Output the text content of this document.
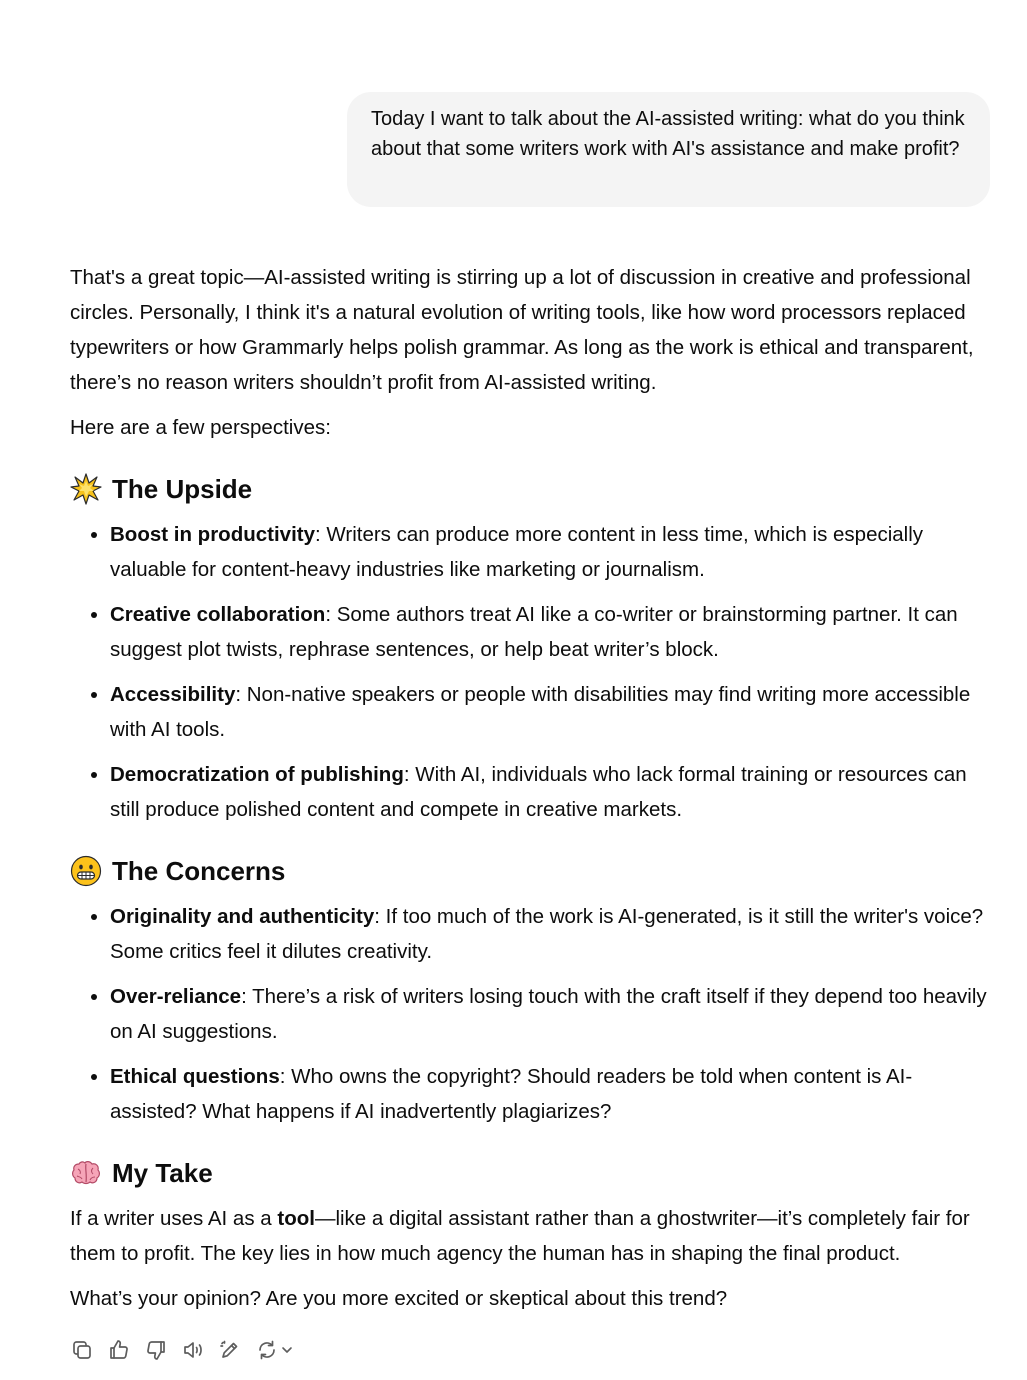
Today I want to talk about the AI-assisted writing: what do you think about that some writers work with AI's assistance and make profit?

That's a great topic—AI-assisted writing is stirring up a lot of discussion in creative and professional circles. Personally, I think it's a natural evolution of writing tools, like how word processors replaced typewriters or how Grammarly helps polish grammar. As long as the work is ethical and transparent, there’s no reason writers shouldn’t profit from AI-assisted writing.

Here are a few perspectives:

The Upside
• Boost in productivity: Writers can produce more content in less time, which is especially valuable for content-heavy industries like marketing or journalism.
• Creative collaboration: Some authors treat AI like a co-writer or brainstorming partner. It can suggest plot twists, rephrase sentences, or help beat writer’s block.
• Accessibility: Non-native speakers or people with disabilities may find writing more accessible with AI tools.
• Democratization of publishing: With AI, individuals who lack formal training or resources can still produce polished content and compete in creative markets.
The Concerns
• Originality and authenticity: If too much of the work is AI-generated, is it still the writer's voice? Some critics feel it dilutes creativity.
• Over-reliance: There’s a risk of writers losing touch with the craft itself if they depend too heavily on AI suggestions.
• Ethical questions: Who owns the copyright? Should readers be told when content is AI-assisted? What happens if AI inadvertently plagiarizes?
My Take

If a writer uses AI as a tool—like a digital assistant rather than a ghostwriter—it’s completely fair for them to profit. The key lies in how much agency the human has in shaping the final product.

What’s your opinion? Are you more excited or skeptical about this trend?
